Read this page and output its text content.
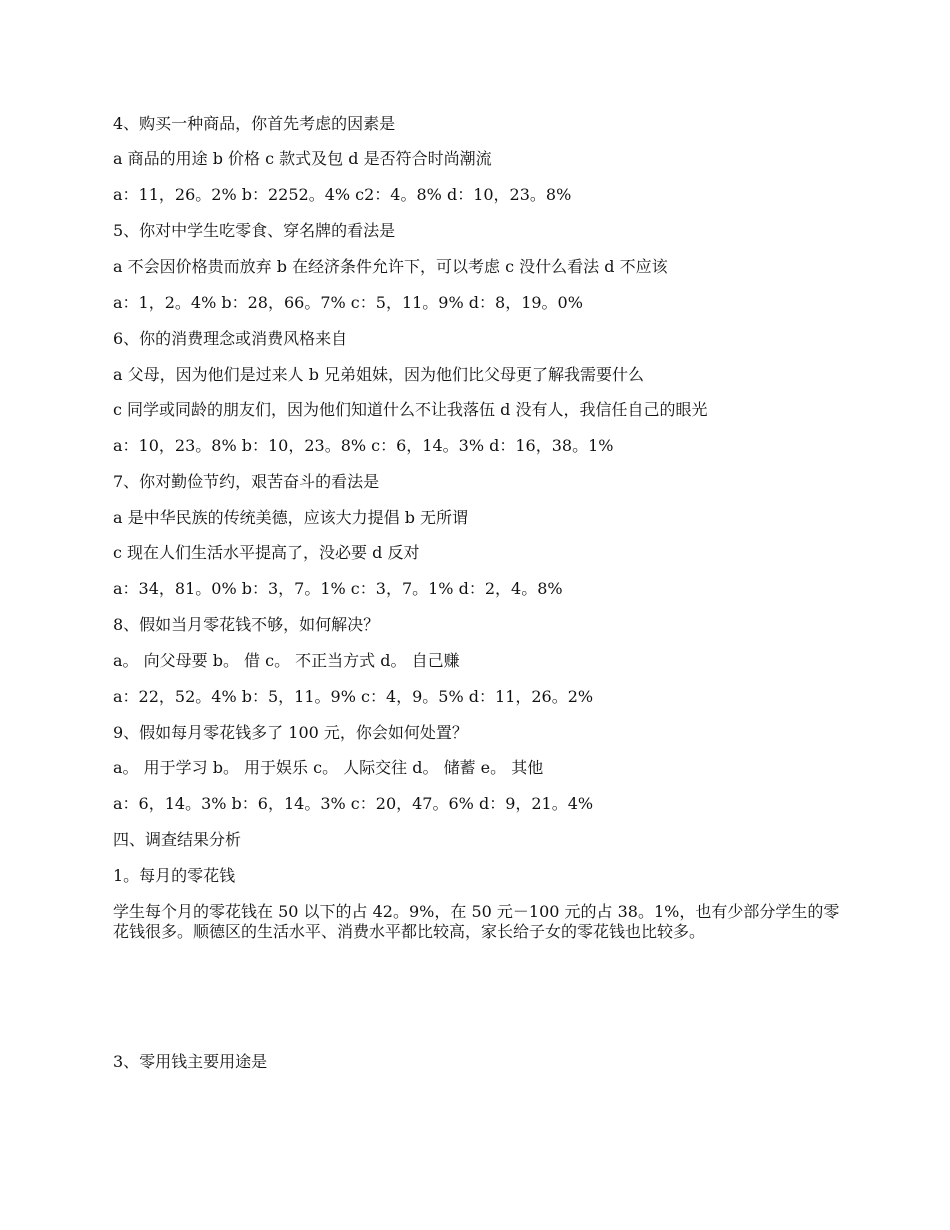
4、购买一种商品，你首先考虑的因素是
a 商品的用途 b 价格 c 款式及包 d 是否符合时尚潮流
a：11，26。2% b：2252。4% c2：4。8% d：10，23。8%
5、你对中学生吃零食、穿名牌的看法是
a 不会因价格贵而放弃 b 在经济条件允许下，可以考虑 c 没什么看法 d 不应该
a：1，2。4% b：28，66。7% c：5，11。9% d：8，19。0%
6、你的消费理念或消费风格来自
a 父母，因为他们是过来人 b 兄弟姐妹，因为他们比父母更了解我需要什么
c 同学或同龄的朋友们，因为他们知道什么不让我落伍 d 没有人，我信任自己的眼光
a：10，23。8% b：10，23。8% c：6，14。3% d：16，38。1%
7、你对勤俭节约，艰苦奋斗的看法是
a 是中华民族的传统美德，应该大力提倡 b 无所谓
c 现在人们生活水平提高了，没必要 d 反对
a：34，81。0% b：3，7。1% c：3，7。1% d：2，4。8%
8、假如当月零花钱不够，如何解决？
a。 向父母要 b。 借 c。 不正当方式 d。 自己赚
a：22，52。4% b：5，11。9% c：4，9。5% d：11，26。2%
9、假如每月零花钱多了 100 元，你会如何处置？
a。 用于学习 b。 用于娱乐 c。 人际交往 d。 储蓄 e。 其他
a：6，14。3% b：6，14。3% c：20，47。6% d：9，21。4%
四、调查结果分析
1。每月的零花钱
学生每个月的零花钱在 50 以下的占 42。9%，在 50 元－100 元的占 38。1%，也有少部分学生的零花钱很多。顺德区的生活水平、消费水平都比较高，家长给子女的零花钱也比较多。
3、零用钱主要用途是
